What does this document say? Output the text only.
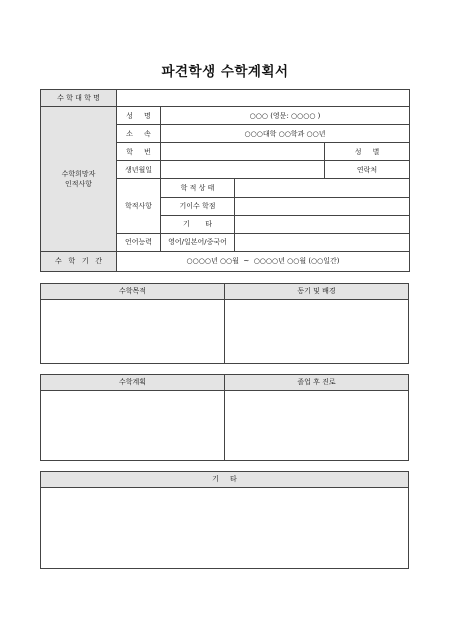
파견학생 수학계획서
수 학 대 학 명					
수학희망자
인적사항	성     명	○○○ (영문: ○○○○ )			
	소     속	○○○대학 ○○학과 ○○년			
	학     번			성     별	
	생년월일			연락처	
	학적사항	학 적 상 태			
		기이수 학점			
		기       타			
	언어능력	영어/일본어/중국어			
수   학   기   간	○○○○년 ○○월  ~  ○○○○년 ○○월 (○○일간)				
수학목적	동기 및 배경
수학계획	졸업 후 진로
기     타
